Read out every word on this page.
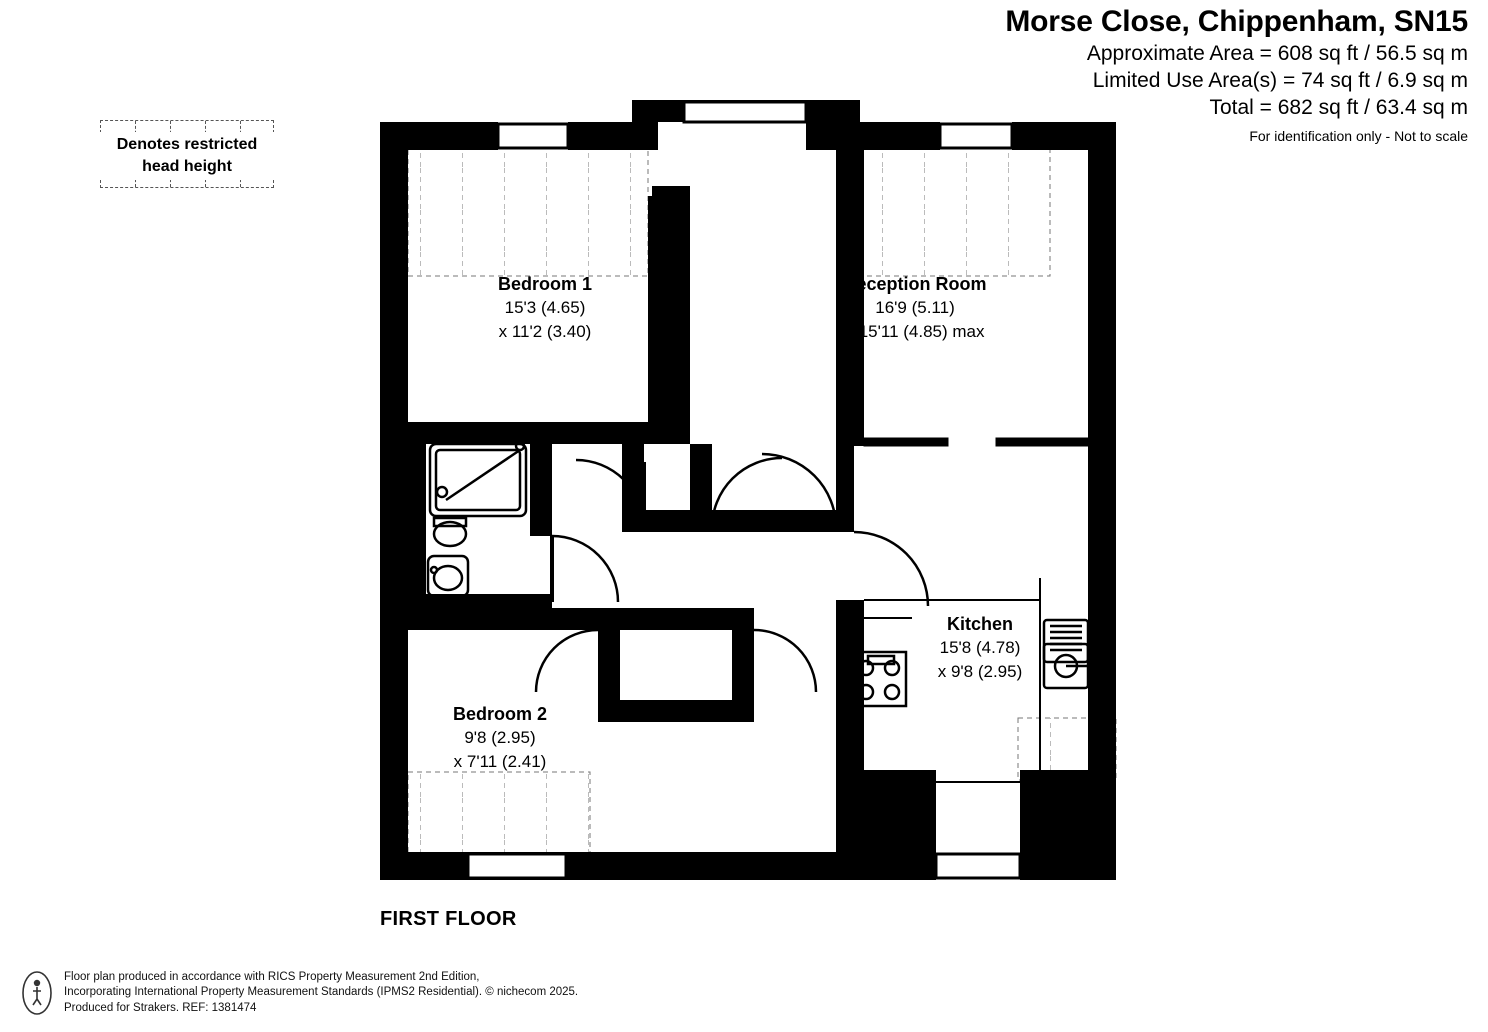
Morse Close, Chippenham, SN15
Approximate Area = 608 sq ft / 56.5 sq m
Limited Use Area(s) = 74 sq ft / 6.9 sq m
Total = 682 sq ft / 63.4 sq m
For identification only - Not to scale
Denotes restricted head height
Bedroom 1
15'3 (4.65)
x 11'2 (3.40)
Reception Room
16'9 (5.11)
x 15'11 (4.85) max
Bedroom 2
9'8 (2.95)
x 7'11 (2.41)
Kitchen
15'8 (4.78)
x 9'8 (2.95)
FIRST FLOOR
Floor plan produced in accordance with RICS Property Measurement 2nd Edition,
Incorporating International Property Measurement Standards (IPMS2 Residential). © nichecom 2025.
Produced for Strakers. REF: 1381474
